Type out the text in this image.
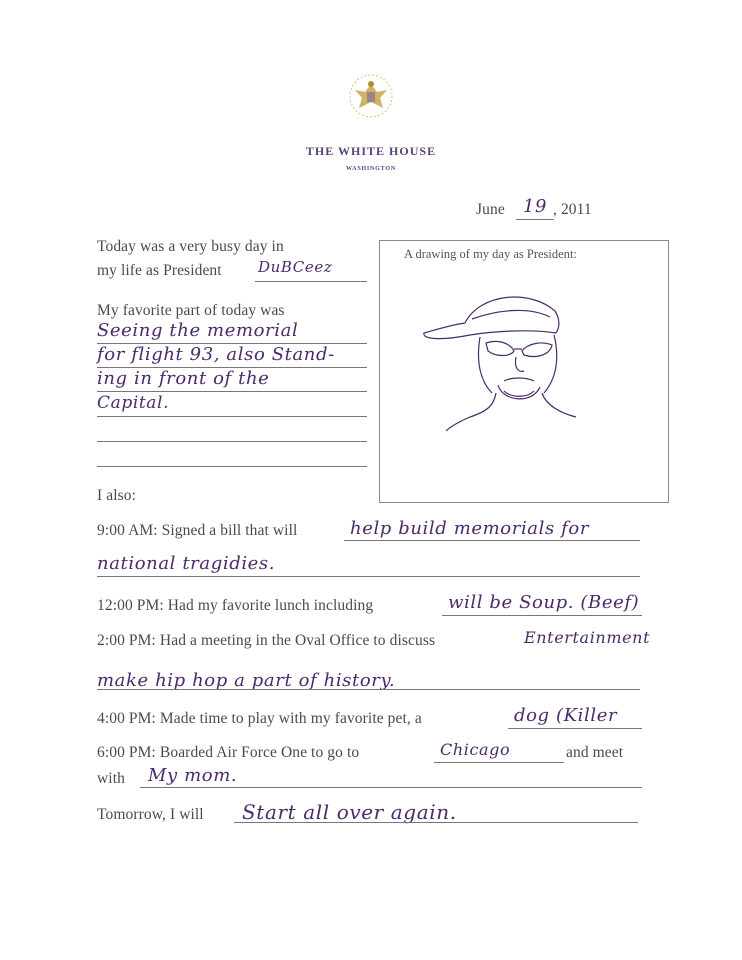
THE WHITE HOUSE
WASHINGTON
June 19 , 2011
Today was a very busy day in
my life as President DuBCeez
My favorite part of today was
Seeing the memorial
for flight 93, also Stand-
ing in front of the
Capital.
A drawing of my day as President:
I also:
9:00 AM: Signed a bill that will	help build memorials for
national tragidies.
12:00 PM: Had my favorite lunch including	will be Soup. (Beef)
2:00 PM: Had a meeting in the Oval Office to discuss	Entertainment
make hip hop a part of history.
4:00 PM: Made time to play with my favorite pet, a	dog (Killer
6:00 PM: Boarded Air Force One to go to	Chicago	and meet
with My mom.
Tomorrow, I will Start all over again.
